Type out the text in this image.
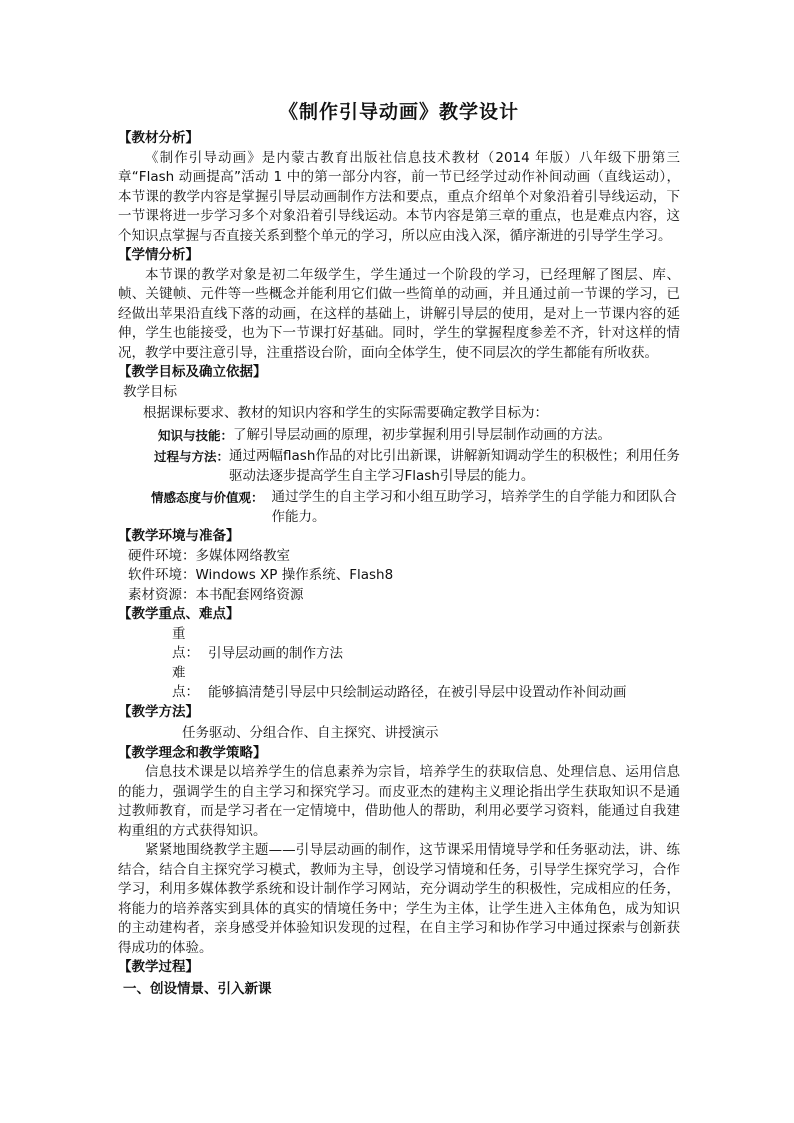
《制作引导动画》教学设计

【教材分析】

《制作引导动画》是内蒙古教育出版社信息技术教材（2014 年版）八年级下册第三章“Flash 动画提高”活动 1 中的第一部分内容，前一节已经学过动作补间动画（直线运动），本节课的教学内容是掌握引导层动画制作方法和要点，重点介绍单个对象沿着引导线运动，下一节课将进一步学习多个对象沿着引导线运动。本节内容是第三章的重点，也是难点内容，这个知识点掌握与否直接关系到整个单元的学习，所以应由浅入深，循序渐进的引导学生学习。

【学情分析】

本节课的教学对象是初二年级学生，学生通过一个阶段的学习，已经理解了图层、库、帧、关键帧、元件等一些概念并能利用它们做一些简单的动画，并且通过前一节课的学习，已经做出苹果沿直线下落的动画，在这样的基础上，讲解引导层的使用，是对上一节课内容的延伸，学生也能接受，也为下一节课打好基础。同时，学生的掌握程度参差不齐，针对这样的情况，教学中要注意引导，注重搭设台阶，面向全体学生，使不同层次的学生都能有所收获。

【教学目标及确立依据】

教学目标

根据课标要求、教材的知识内容和学生的实际需要确定教学目标为：

知识与技能： 了解引导层动画的原理，初步掌握利用引导层制作动画的方法。
过程与方法： 通过两幅flash作品的对比引出新课，讲解新知调动学生的积极性；利用任务驱动法逐步提高学生自主学习Flash引导层的能力。
情感态度与价值观： 通过学生的自主学习和小组互助学习，培养学生的自学能力和团队合作能力。

【教学环境与准备】

硬件环境：多媒体网络教室

软件环境：Windows XP 操作系统、Flash8

素材资源：本书配套网络资源

【教学重点、难点】

重点： 引导层动画的制作方法

难点： 能够搞清楚引导层中只绘制运动路径，在被引导层中设置动作补间动画

【教学方法】

任务驱动、分组合作、自主探究、讲授演示

【教学理念和教学策略】

信息技术课是以培养学生的信息素养为宗旨，培养学生的获取信息、处理信息、运用信息的能力，强调学生的自主学习和探究学习。而皮亚杰的建构主义理论指出学生获取知识不是通过教师教育，而是学习者在一定情境中，借助他人的帮助，利用必要学习资料，能通过自我建构重组的方式获得知识。

紧紧地围绕教学主题——引导层动画的制作，这节课采用情境导学和任务驱动法，讲、练结合，结合自主探究学习模式，教师为主导，创设学习情境和任务，引导学生探究学习，合作学习，利用多媒体教学系统和设计制作学习网站，充分调动学生的积极性，完成相应的任务，将能力的培养落实到具体的真实的情境任务中；学生为主体，让学生进入主体角色，成为知识的主动建构者，亲身感受并体验知识发现的过程，在自主学习和协作学习中通过探索与创新获得成功的体验。

【教学过程】

一、创设情景、引入新课
